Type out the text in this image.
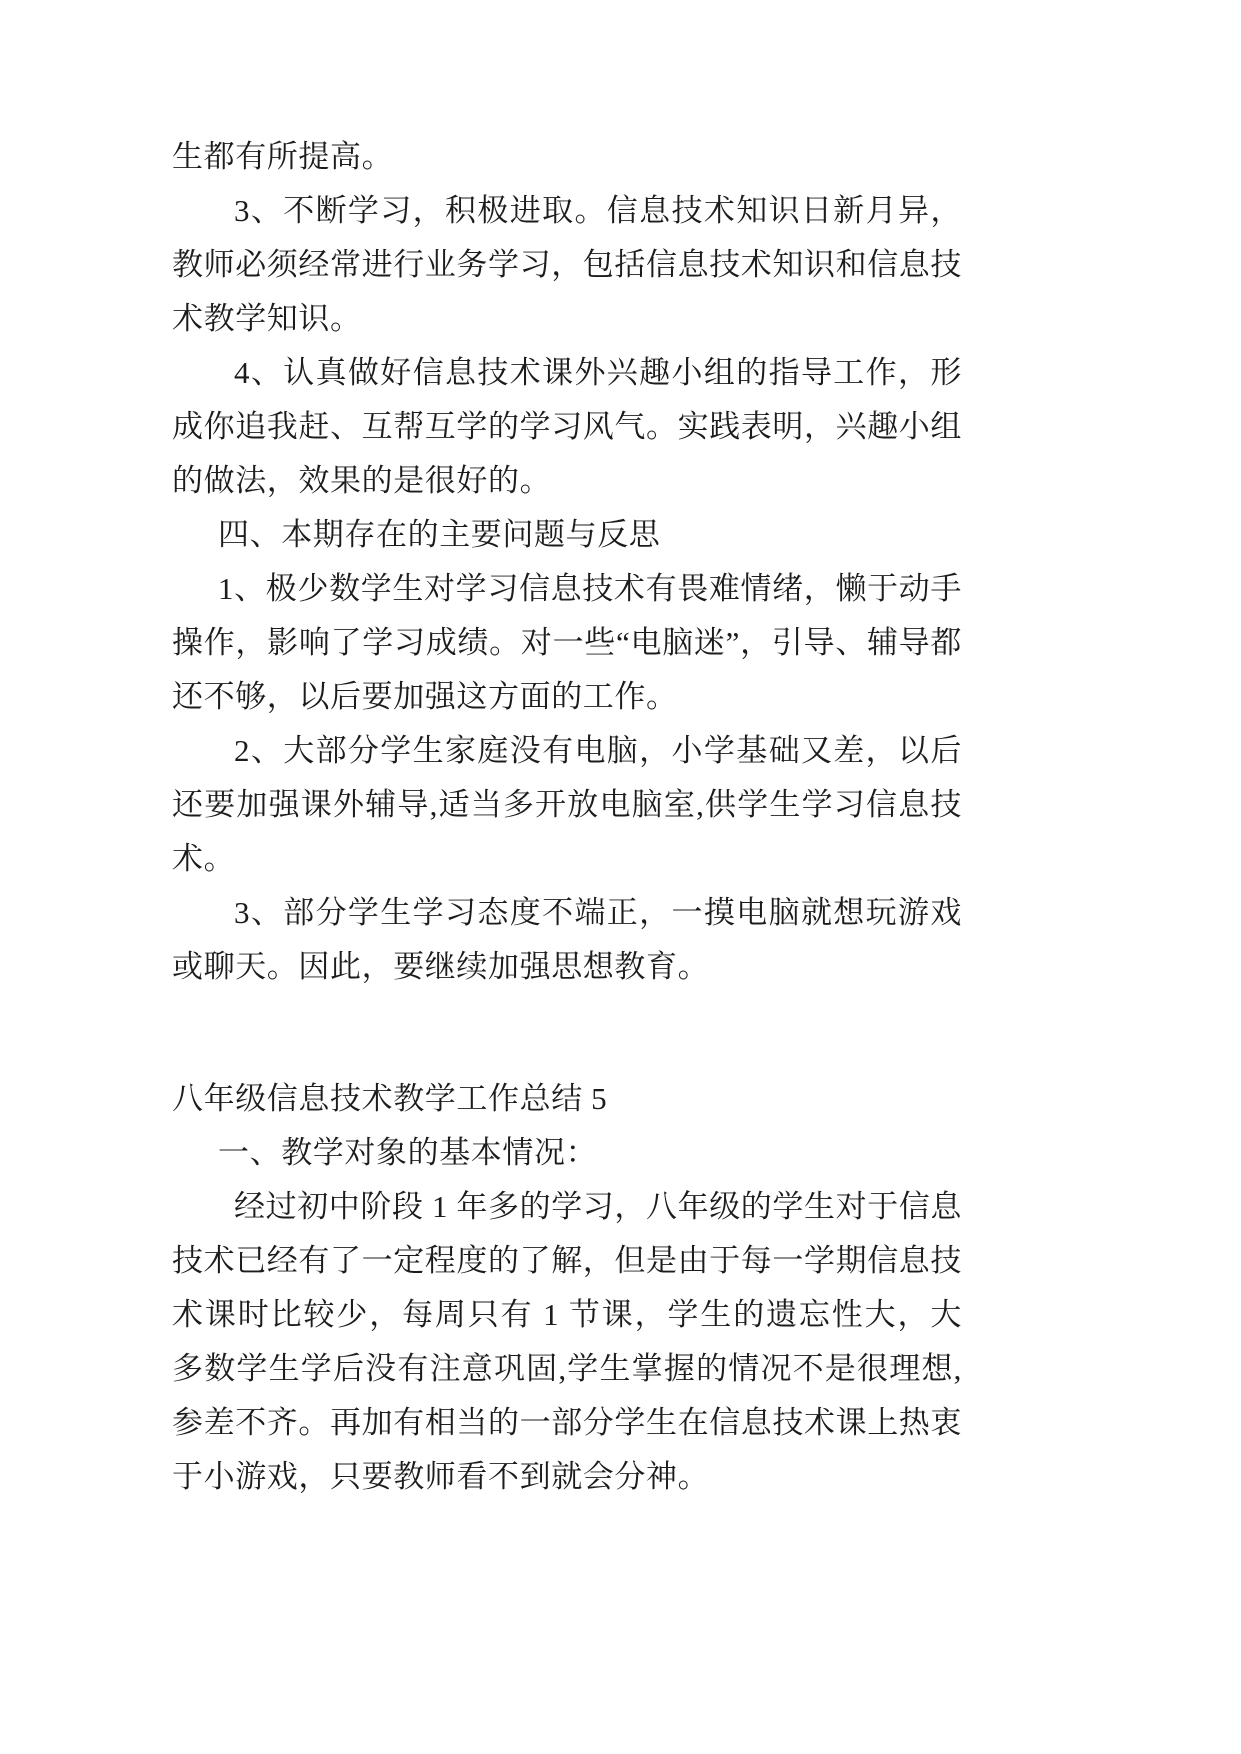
生都有所提高。

3、不断学习，积极进取。信息技术知识日新月异，教师必须经常进行业务学习，包括信息技术知识和信息技术教学知识。

4、认真做好信息技术课外兴趣小组的指导工作，形成你追我赶、互帮互学的学习风气。实践表明，兴趣小组的做法，效果的是很好的。

四、本期存在的主要问题与反思

1、极少数学生对学习信息技术有畏难情绪，懒于动手操作，影响了学习成绩。对一些“电脑迷”，引导、辅导都还不够，以后要加强这方面的工作。

2、大部分学生家庭没有电脑，小学基础又差，以后还要加强课外辅导,适当多开放电脑室,供学生学习信息技术。

3、部分学生学习态度不端正，一摸电脑就想玩游戏或聊天。因此，要继续加强思想教育。

八年级信息技术教学工作总结 5

一、教学对象的基本情况：

经过初中阶段 1 年多的学习，八年级的学生对于信息技术已经有了一定程度的了解，但是由于每一学期信息技术课时比较少，每周只有 1 节课，学生的遗忘性大，大多数学生学后没有注意巩固,学生掌握的情况不是很理想,参差不齐。再加有相当的一部分学生在信息技术课上热衷于小游戏，只要教师看不到就会分神。
